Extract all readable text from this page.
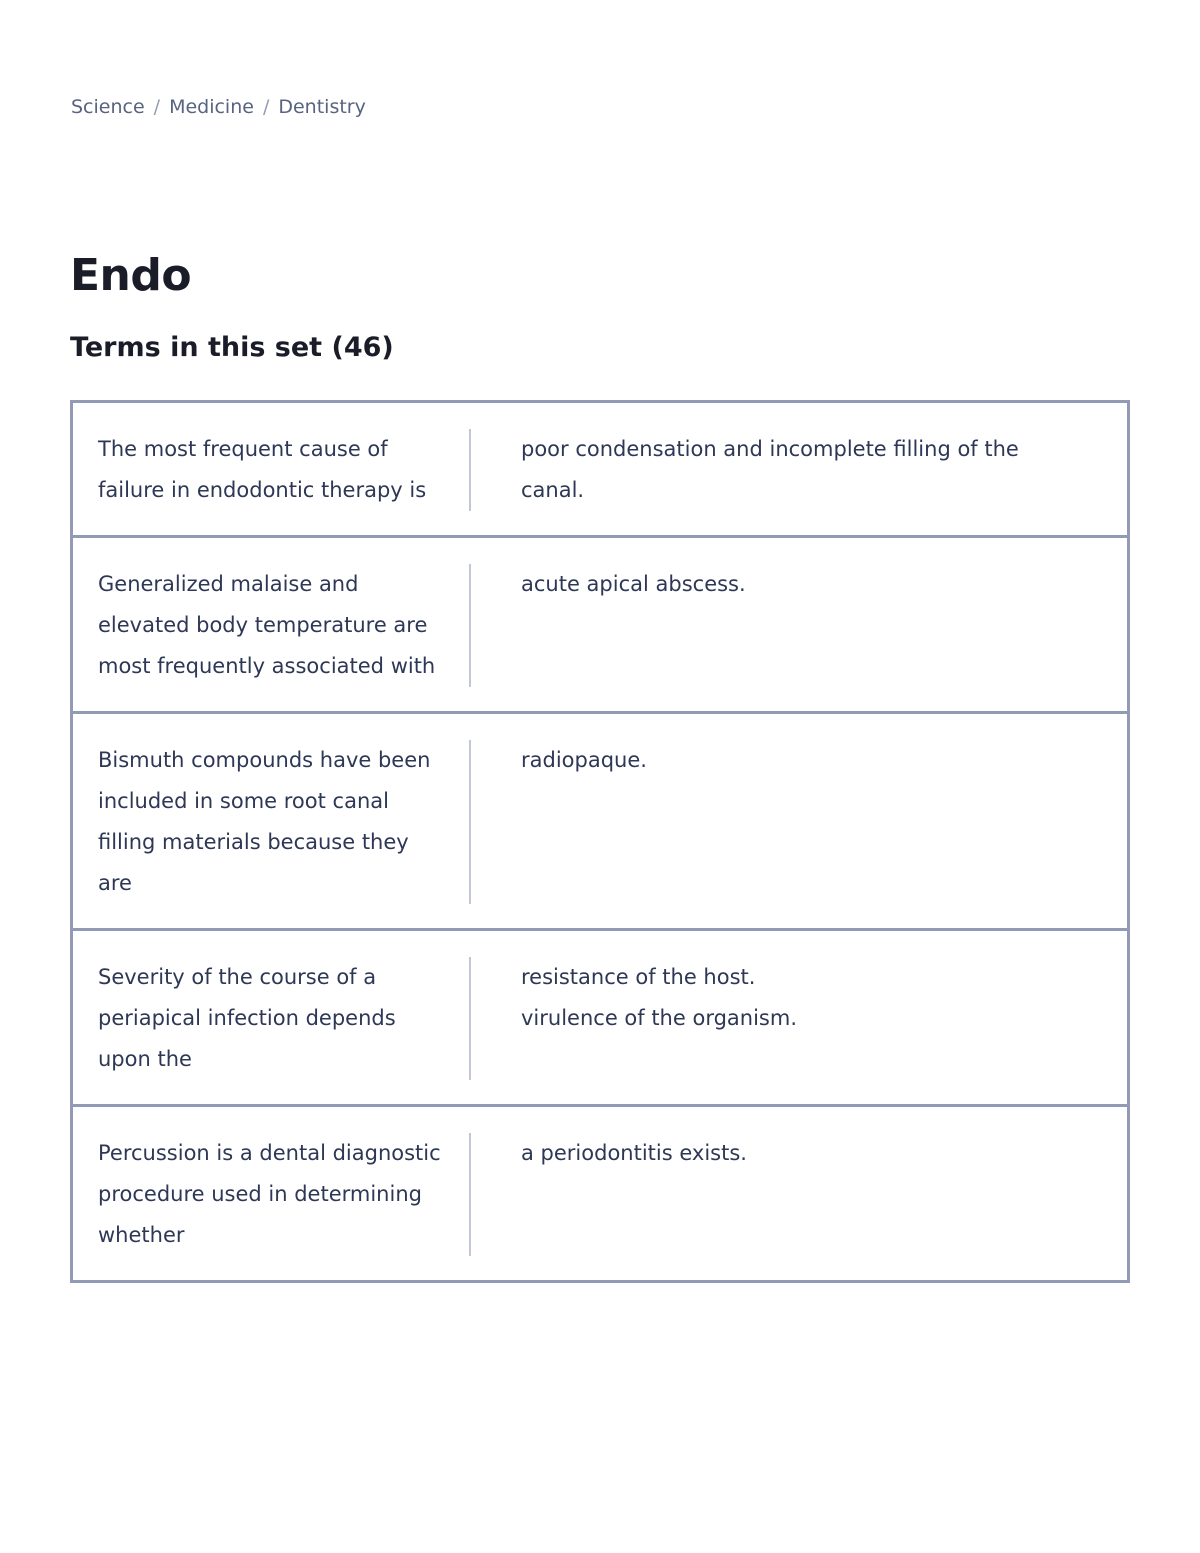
Science / Medicine / Dentistry
Endo
Terms in this set (46)
The most frequent cause of failure in endodontic therapy is
poor condensation and incomplete filling of the canal.
Generalized malaise and elevated body temperature are most frequently associated with
acute apical abscess.
Bismuth compounds have been included in some root canal filling materials because they are
radiopaque.
Severity of the course of a periapical infection depends upon the
resistance of the host.
virulence of the organism.
Percussion is a dental diagnostic procedure used in determining whether
a periodontitis exists.
